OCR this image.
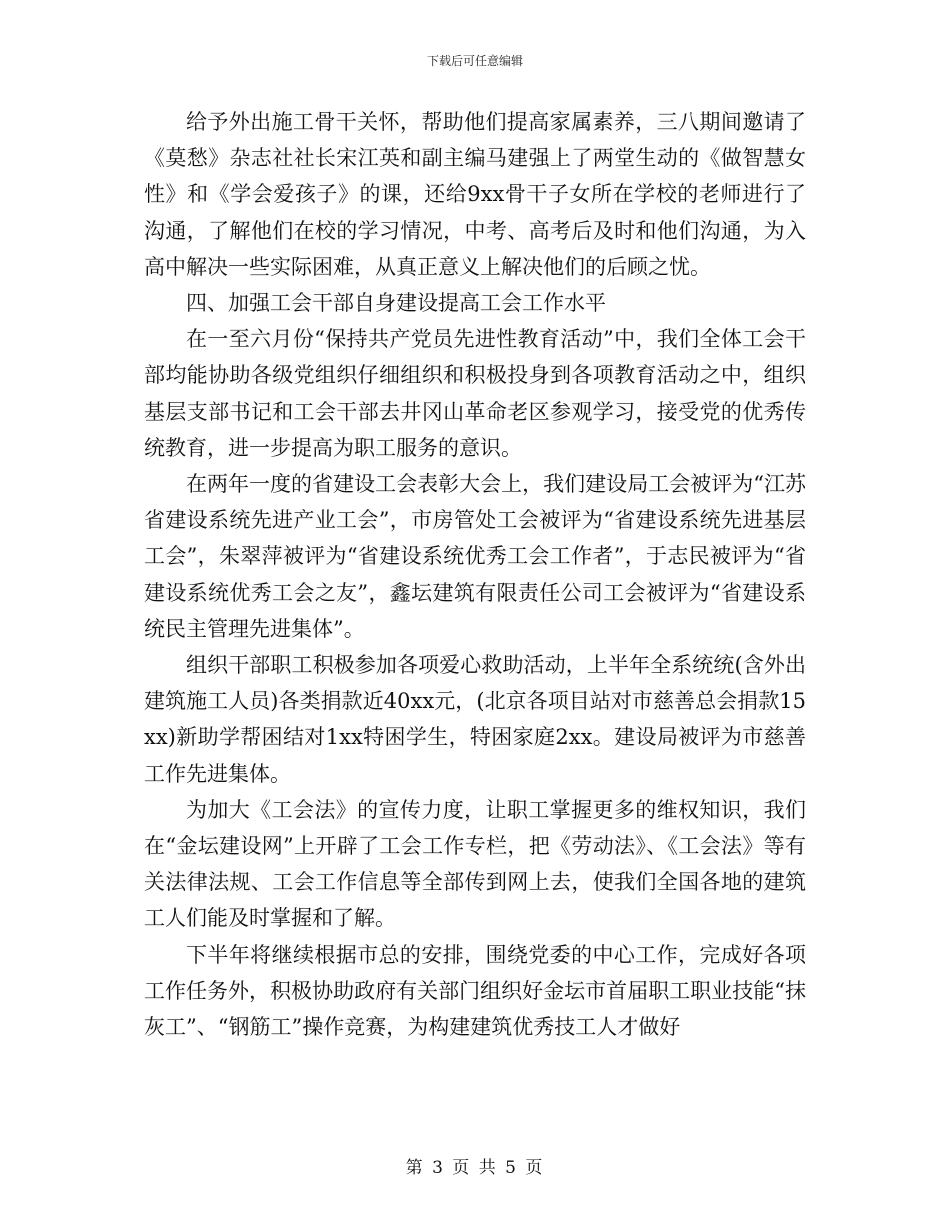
下载后可任意编辑

给予外出施工骨干关怀，帮助他们提高家属素养，三八期间邀请了《莫愁》杂志社社长宋江英和副主编马建强上了两堂生动的《做智慧女性》和《学会爱孩子》的课，还给9xx骨干子女所在学校的老师进行了沟通，了解他们在校的学习情况，中考、高考后及时和他们沟通，为入高中解决一些实际困难，从真正意义上解决他们的后顾之忧。

四、加强工会干部自身建设提高工会工作水平

在一至六月份“保持共产党员先进性教育活动”中，我们全体工会干部均能协助各级党组织仔细组织和积极投身到各项教育活动之中，组织基层支部书记和工会干部去井冈山革命老区参观学习，接受党的优秀传统教育，进一步提高为职工服务的意识。

在两年一度的省建设工会表彰大会上，我们建设局工会被评为“江苏省建设系统先进产业工会”，市房管处工会被评为“省建设系统先进基层工会”，朱翠萍被评为“省建设系统优秀工会工作者”，于志民被评为“省建设系统优秀工会之友”，鑫坛建筑有限责任公司工会被评为“省建设系统民主管理先进集体”。

组织干部职工积极参加各项爱心救助活动，上半年全系统统(含外出建筑施工人员)各类捐款近40xx元，(北京各项目站对市慈善总会捐款15xx)新助学帮困结对1xx特困学生，特困家庭2xx。建设局被评为市慈善工作先进集体。

为加大《工会法》的宣传力度，让职工掌握更多的维权知识，我们在“金坛建设网”上开辟了工会工作专栏，把《劳动法》、《工会法》等有关法律法规、工会工作信息等全部传到网上去，使我们全国各地的建筑工人们能及时掌握和了解。

下半年将继续根据市总的安排，围绕党委的中心工作，完成好各项工作任务外，积极协助政府有关部门组织好金坛市首届职工职业技能“抹灰工”、“钢筋工”操作竞赛，为构建建筑优秀技工人才做好

第 3 页 共 5 页
